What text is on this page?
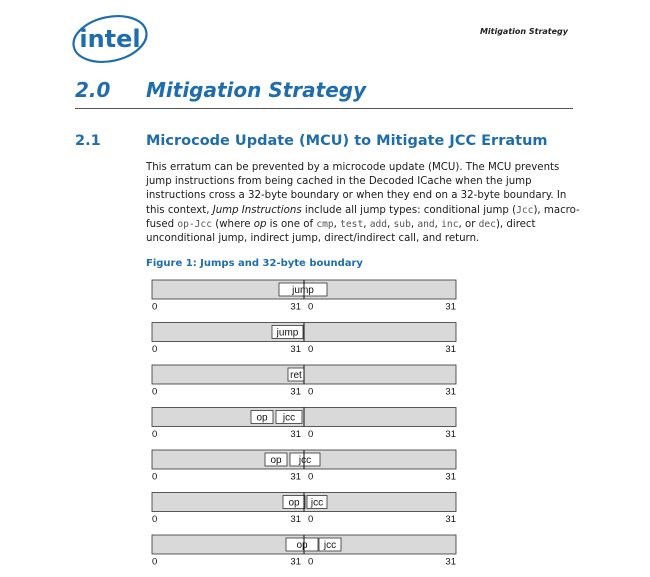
intel	Mitigation Strategy
2.0 Mitigation Strategy
2.1	Microcode Update (MCU) to Mitigate JCC Erratum
This erratum can be prevented by a microcode update (MCU). The MCU prevents
jump instructions from being cached in the Decoded ICache when the jump
instructions cross a 32-byte boundary or when they end on a 32-byte boundary. In
this context, Jump Instructions include all jump types: conditional jump (Jcc), macro-
fused op-Jcc (where op is one of cmp, test, add, sub, and, inc, or dec), direct
unconditional jump, indirect jump, direct/indirect call, and return.
Figure 1: Jumps and 32-byte boundary
jump
0	31 0	31
jump
0	31 0	31
ret
0	31 0	31
op jcc
0	31 0	31
op jcc
0	31 0	31
op jcc
0	31 0	31
op jcc
0	31 0	31
